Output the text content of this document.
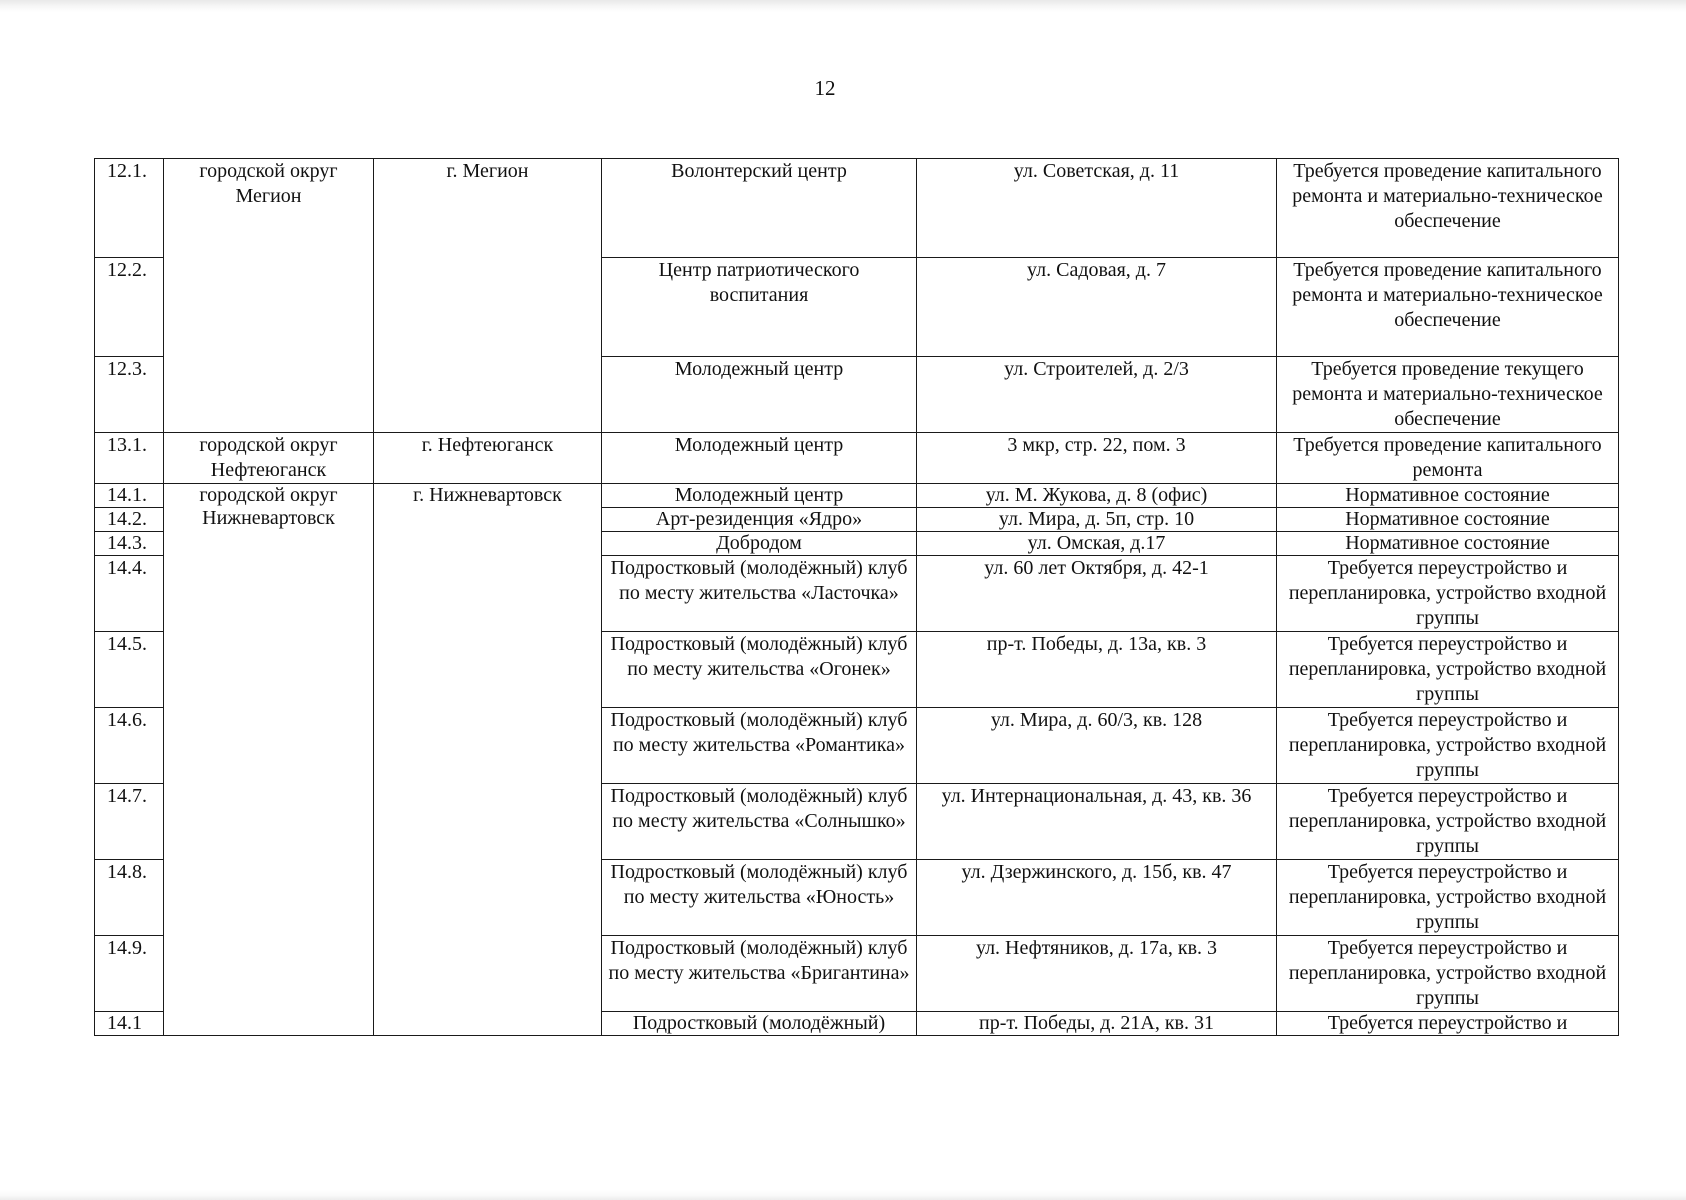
12
12.1.	городской округ Мегион	г. Мегион	Волонтерский центр	ул. Советская, д. 11	Требуется проведение капитального ремонта и материально-техническое обеспечение
12.2.			Центр патриотического воспитания	ул. Садовая, д. 7	Требуется проведение капитального ремонта и материально-техническое обеспечение
12.3.			Молодежный центр	ул. Строителей, д. 2/3	Требуется проведение текущего ремонта и материально-техническое обеспечение
13.1.	городской округ Нефтеюганск	г. Нефтеюганск	Молодежный центр	3 мкр, стр. 22, пом. 3	Требуется проведение капитального ремонта
14.1.	городской округ Нижневартовск	г. Нижневартовск	Молодежный центр	ул. М. Жукова, д. 8 (офис)	Нормативное состояние
14.2.			Арт-резиденция «Ядро»	ул. Мира, д. 5п, стр. 10	Нормативное состояние
14.3.			Добродом	ул. Омская, д.17	Нормативное состояние
14.4.			Подростковый (молодёжный) клуб по месту жительства «Ласточка»	ул. 60 лет Октября, д. 42-1	Требуется переустройство и перепланировка, устройство входной группы
14.5.			Подростковый (молодёжный) клуб по месту жительства «Огонек»	пр-т. Победы, д. 13а, кв. 3	Требуется переустройство и перепланировка, устройство входной группы
14.6.			Подростковый (молодёжный) клуб по месту жительства «Романтика»	ул. Мира, д. 60/3, кв. 128	Требуется переустройство и перепланировка, устройство входной группы
14.7.			Подростковый (молодёжный) клуб по месту жительства «Солнышко»	ул. Интернациональная, д. 43, кв. 36	Требуется переустройство и перепланировка, устройство входной группы
14.8.			Подростковый (молодёжный) клуб по месту жительства «Юность»	ул. Дзержинского, д. 15б, кв. 47	Требуется переустройство и перепланировка, устройство входной группы
14.9.			Подростковый (молодёжный) клуб по месту жительства «Бригантина»	ул. Нефтяников, д. 17а, кв. 3	Требуется переустройство и перепланировка, устройство входной группы
14.1			Подростковый (молодёжный)	пр-т. Победы, д. 21А, кв. 31	Требуется переустройство и
